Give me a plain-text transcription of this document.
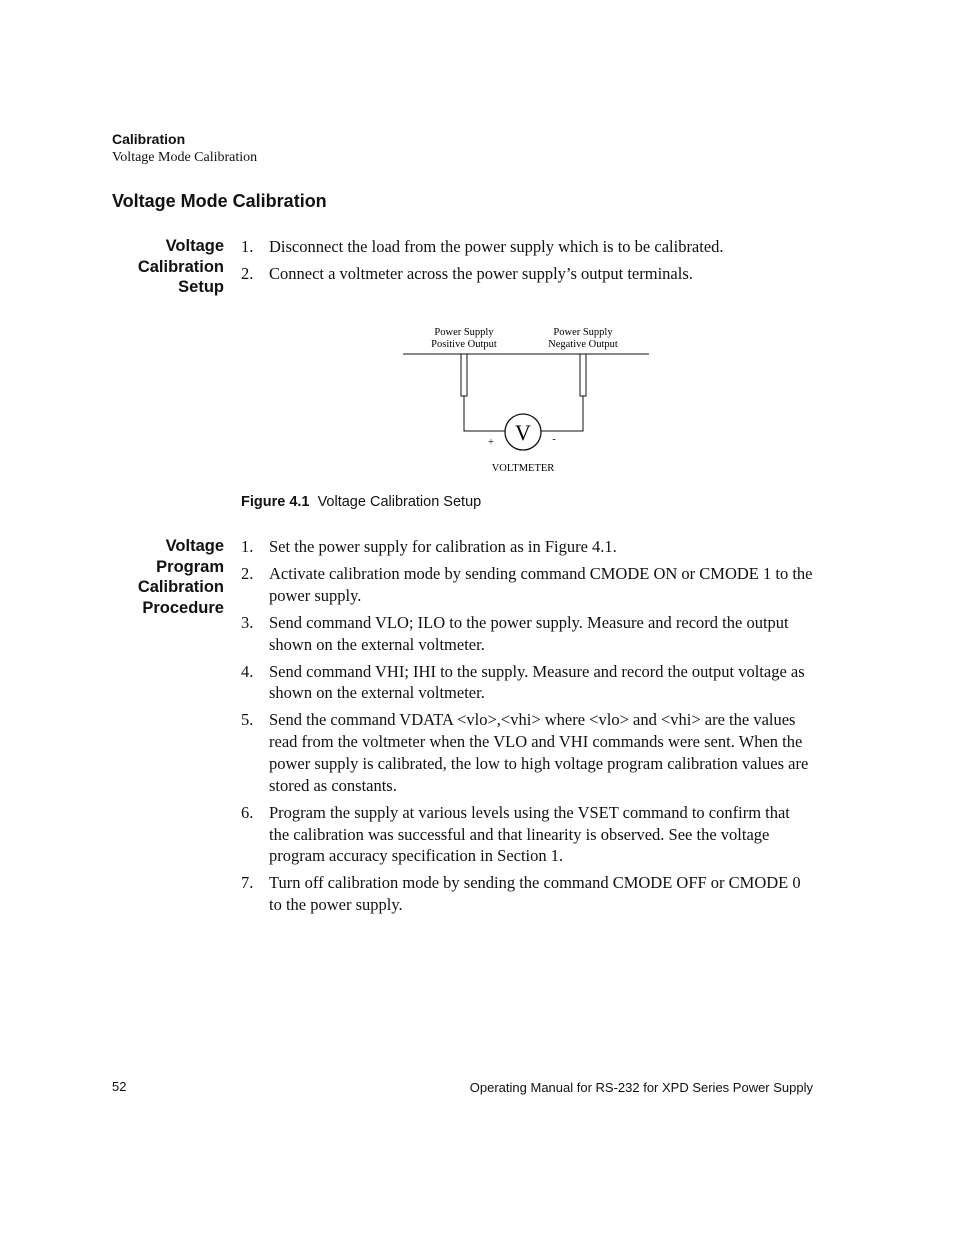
Calibration
Voltage Mode Calibration
Voltage Mode Calibration
Voltage
Calibration
Setup
1. Disconnect the load from the power supply which is to be calibrated.
2. Connect a voltmeter across the power supply’s output terminals.
Power Supply
Positive Output
Power Supply
Negative Output
V
+	-
VOLTMETER
Figure 4.1 Voltage Calibration Setup
Voltage
Program
Calibration
Procedure
1. Set the power supply for calibration as in Figure 4.1.
2. Activate calibration mode by sending command CMODE ON or CMODE 1 to the power supply.
3. Send command VLO; ILO to the power supply. Measure and record the output shown on the external voltmeter.
4. Send command VHI; IHI to the supply. Measure and record the output voltage as shown on the external voltmeter.
5. Send the command VDATA <vlo>,<vhi> where <vlo> and <vhi> are the values read from the voltmeter when the VLO and VHI commands were sent. When the power supply is calibrated, the low to high voltage program calibration values are stored as constants.
6. Program the supply at various levels using the VSET command to confirm that the calibration was successful and that linearity is observed. See the voltage program accuracy specification in Section 1.
7. Turn off calibration mode by sending the command CMODE OFF or CMODE 0 to the power supply.
52	Operating Manual for RS-232 for XPD Series Power Supply
